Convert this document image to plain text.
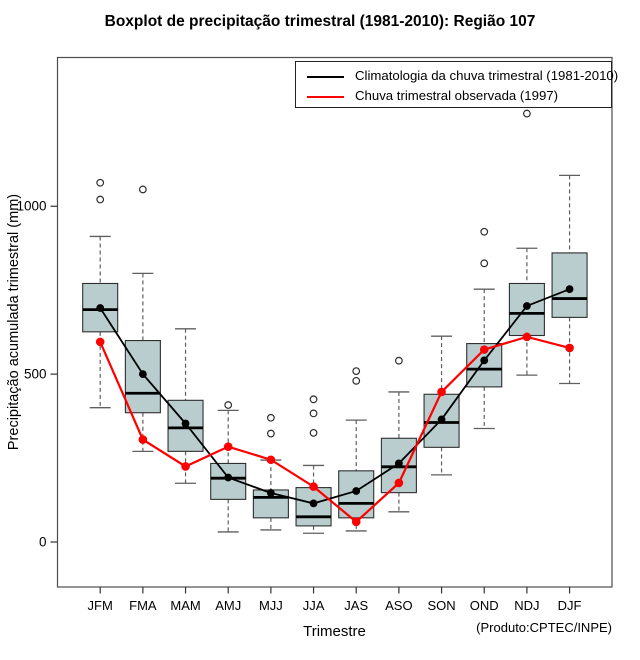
Boxplot de precipitação trimestral (1981-2010): Região 107
0
500
1000
JFM FMA MAM AMJ MJJ JJA JAS ASO SON OND NDJ DJF
Climatologia da chuva trimestral (1981-2010)
Chuva trimestral observada (1997)
Precipitação acumulada trimestral (mm)
Trimestre	(Produto:CPTEC/INPE)
